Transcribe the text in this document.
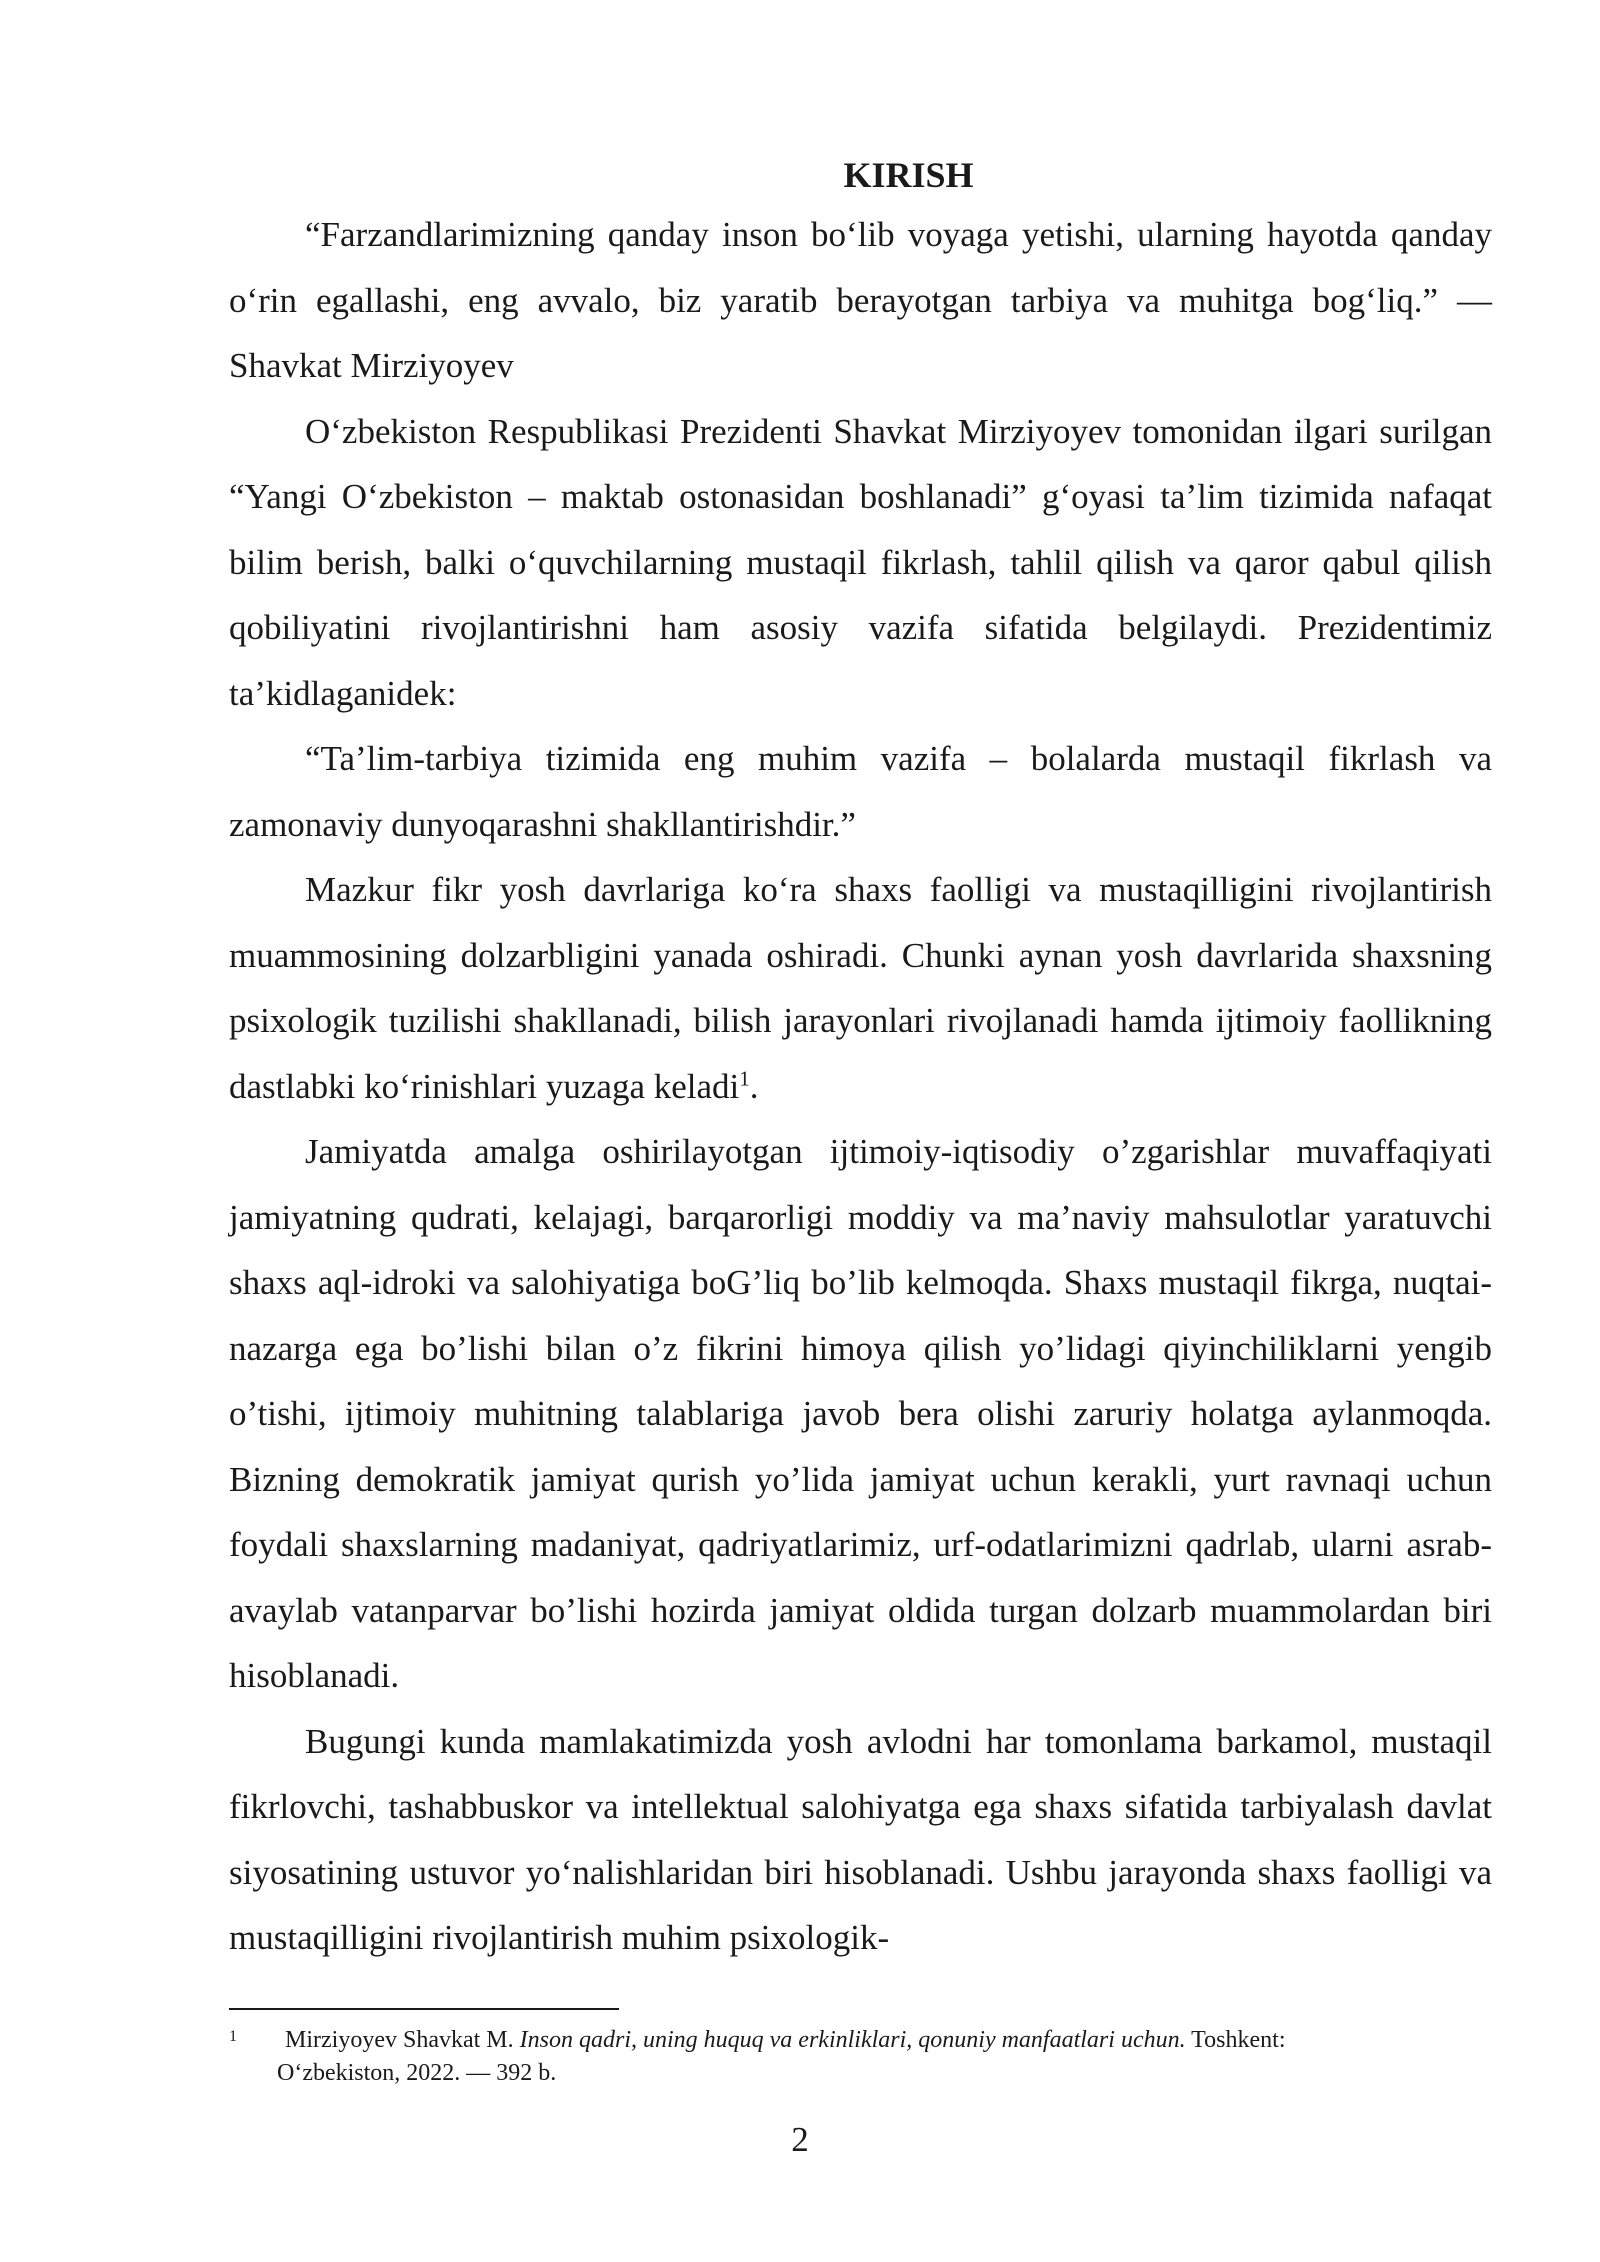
KIRISH

“Farzandlarimizning qanday inson bo‘lib voyaga yetishi, ularning hayotda qanday o‘rin egallashi, eng avvalo, biz yaratib berayotgan tarbiya va muhitga bog‘liq.” — Shavkat Mirziyoyev

O‘zbekiston Respublikasi Prezidenti Shavkat Mirziyoyev tomonidan ilgari surilgan “Yangi O‘zbekiston – maktab ostonasidan boshlanadi” g‘oyasi ta’lim tizimida nafaqat bilim berish, balki o‘quvchilarning mustaqil fikrlash, tahlil qilish va qaror qabul qilish qobiliyatini rivojlantirishni ham asosiy vazifa sifatida belgilaydi. Prezidentimiz ta’kidlaganidek:

“Ta’lim-tarbiya tizimida eng muhim vazifa – bolalarda mustaqil fikrlash va zamonaviy dunyoqarashni shakllantirishdir.”

Mazkur fikr yosh davrlariga ko‘ra shaxs faolligi va mustaqilligini rivojlantirish muammosining dolzarbligini yanada oshiradi. Chunki aynan yosh davrlarida shaxsning psixologik tuzilishi shakllanadi, bilish jarayonlari rivojlanadi hamda ijtimoiy faollikning dastlabki ko‘rinishlari yuzaga keladi$^1$.

Jamiyatda amalga oshirilayotgan ijtimoiy-iqtisodiy o’zgarishlar muvaffaqiyati jamiyatning qudrati, kelajagi, barqarorligi moddiy va ma’naviy mahsulotlar yaratuvchi shaxs aql-idroki va salohiyatiga boG’liq bo’lib kelmoqda. Shaxs mustaqil fikrga, nuqtai-nazarga ega bo’lishi bilan o’z fikrini himoya qilish yo’lidagi qiyinchiliklarni yengib o’tishi, ijtimoiy muhitning talablariga javob bera olishi zaruriy holatga aylanmoqda. Bizning demokratik jamiyat qurish yo’lida jamiyat uchun kerakli, yurt ravnaqi uchun foydali shaxslarning madaniyat, qadriyatlarimiz, urf-odatlarimizni qadrlab, ularni asrab-avaylab vatanparvar bo’lishi hozirda jamiyat oldida turgan dolzarb muammolardan biri hisoblanadi.

Bugungi kunda mamlakatimizda yosh avlodni har tomonlama barkamol, mustaqil fikrlovchi, tashabbuskor va intellektual salohiyatga ega shaxs sifatida tarbiyalash davlat siyosatining ustuvor yo‘nalishlaridan biri hisoblanadi. Ushbu jarayonda shaxs faolligi va mustaqilligini rivojlantirish muhim psixologik-

1	Mirziyoyev Shavkat M. Inson qadri, uning huquq va erkinliklari, qonuniy manfaatlari uchun. Toshkent:
O‘zbekiston, 2022. — 392 b.
2
